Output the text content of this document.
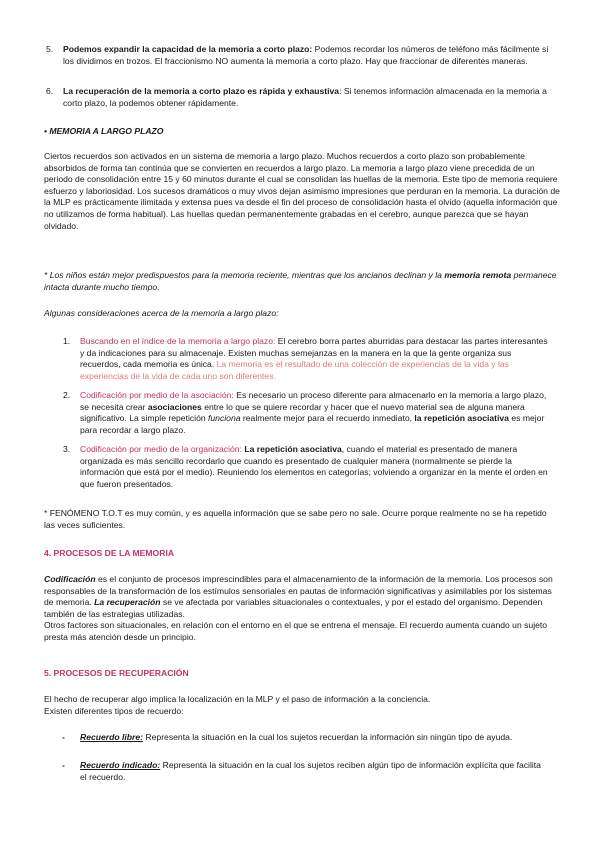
5. Podemos expandir la capacidad de la memoria a corto plazo: Podemos recordar los números de teléfono más fácilmente si los dividimos en trozos. El fraccionismo NO aumenta la memoria a corto plazo. Hay que fraccionar de diferentes maneras.

6. La recuperación de la memoria a corto plazo es rápida y exhaustiva: Si tenemos información almacenada en la memoria a corto plazo, la podemos obtener rápidamente.

• MEMORIA A LARGO PLAZO

Ciertos recuerdos son activados en un sistema de memoria a largo plazo. Muchos recuerdos a corto plazo son probablemente absorbidos de forma tan continúa que se convierten en recuerdos a largo plazo. La memoria a largo plazo viene precedida de un periodo de consolidación entre 15 y 60 minutos durante el cual se consolidan las huellas de la memoria. Este tipo de memoria requiere esfuerzo y laboriosidad. Los sucesos dramáticos o muy vivos dejan asimismo impresiones que perduran en la memoria. La duración de la MLP es prácticamente ilimitada y extensa pues va desde el fin del proceso de consolidación hasta el olvido (aquella información que no utilizamos de forma habitual). Las huellas quedan permanentemente grabadas en el cerebro, aunque parezca que se hayan olvidado.

* Los niños están mejor predispuestos para la memoria reciente, mientras que los ancianos declinan y la memoria remota permanece intacta durante mucho tiempo.

Algunas consideraciones acerca de la memoria a largo plazo:

1. Buscando en el índice de la memoria a largo plazo: El cerebro borra partes aburridas para destacar las partes interesantes y da indicaciones para su almacenaje. Existen muchas semejanzas en la manera en la que la gente organiza sus recuerdos, cada memoria es única. La memoria es el resultado de una colección de experiencias de la vida y las experiencias de la vida de cada uno son diferentes.

2. Codificación por medio de la asociación: Es necesario un proceso diferente para almacenarlo en la memoria a largo plazo, se necesita crear asociaciones entre lo que se quiere recordar y hacer que el nuevo material sea de alguna manera significativo. La simple repetición funciona realmente mejor para el recuerdo inmediato, la repetición asociativa es mejor para recordar a largo plazo.

3. Codificación por medio de la organización: La repetición asociativa, cuando el material es presentado de manera organizada es más sencillo recordarlo que cuando es presentado de cualquier manera (normalmente se pierde la información que está por el medio). Reuniendo los elementos en categorías; volviendo a organizar en la mente el orden en que fueron presentados.

* FENÓMENO T.O.T es muy común, y es aquella información que se sabe pero no sale. Ocurre porque realmente no se ha repetido las veces suficientes.

4. PROCESOS DE LA MEMORIA

Codificación es el conjunto de procesos imprescindibles para el almacenamiento de la información de la memoria. Los procesos son responsables de la transformación de los estímulos sensoriales en pautas de información significativas y asimilables por los sistemas de memoria. La recuperación se ve afectada por variables situacionales o contextuales, y por el estado del organismo. Dependen también de las estrategias utilizadas.
Otros factores son situacionales, en relación con el entorno en el que se entrena el mensaje. El recuerdo aumenta cuando un sujeto presta más atención desde un principio.

5. PROCESOS DE RECUPERACIÓN

El hecho de recuperar algo implica la localización en la MLP y el paso de información a la conciencia.
Existen diferentes tipos de recuerdo:

- Recuerdo libre: Representa la situación en la cual los sujetos recuerdan la información sin ningún tipo de ayuda.

- Recuerdo indicado: Representa la situación en la cual los sujetos reciben algún tipo de información explícita que facilita el recuerdo.
